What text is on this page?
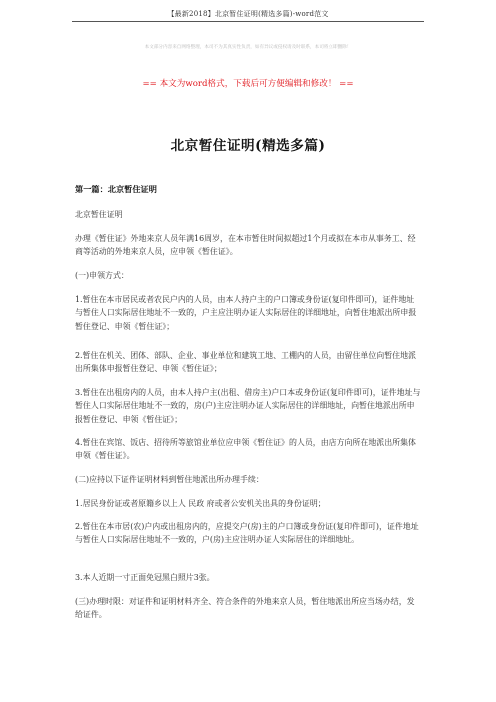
【最新2018】北京暂住证明(精选多篇)-word范文
本文部分内容来自网络整理，本司不为其真实性负责，如有异议或侵权请及时联系，本司将立即删除！
== 本文为word格式，下载后可方便编辑和修改！ ==
北京暂住证明(精选多篇)
第一篇：北京暂住证明

北京暂住证明

办理《暂住证》外地来京人员年满16周岁，在本市暂住时间拟超过1个月或拟在本市从事务工、经商等活动的外地来京人员，应申领《暂住证》。

(一)申领方式：

1.暂住在本市居民或者农民户内的人员，由本人持户主的户口簿或身份证(复印件即可)，证件地址与暂住人口实际居住地址不一致的，户主应注明办证人实际居住的详细地址，向暂住地派出所申报暂住登记、申领《暂住证》；

2.暂住在机关、团体、部队、企业、事业单位和建筑工地、工棚内的人员，由留住单位向暂住地派出所集体申报暂住登记、申领《暂住证》；

3.暂住在出租房内的人员，由本人持户主(出租、借房主)户口本或身份证(复印件即可)，证件地址与暂住人口实际居住地址不一致的，房(户)主应注明办证人实际居住的详细地址，向暂住地派出所申报暂住登记、申领《暂住证》；

4.暂住在宾馆、饭店、招待所等旅馆业单位应申领《暂住证》的人员，由店方向所在地派出所集体申领《暂住证》。

(二)应持以下证件证明材料到暂住地派出所办理手续：

1.居民身份证或者原籍乡以上人 民政 府或者公安机关出具的身份证明；

2.暂住在本市居(农)户内或出租房内的，应提交户(房)主的户口簿或身份证(复印件即可)，证件地址与暂住人口实际居住地址不一致的，户(房)主应注明办证人实际居住的详细地址。

3.本人近期一寸正面免冠黑白照片3张。

(三)办理时限：对证件和证明材料齐全、符合条件的外地来京人员，暂住地派出所应当场办结，发给证件。
